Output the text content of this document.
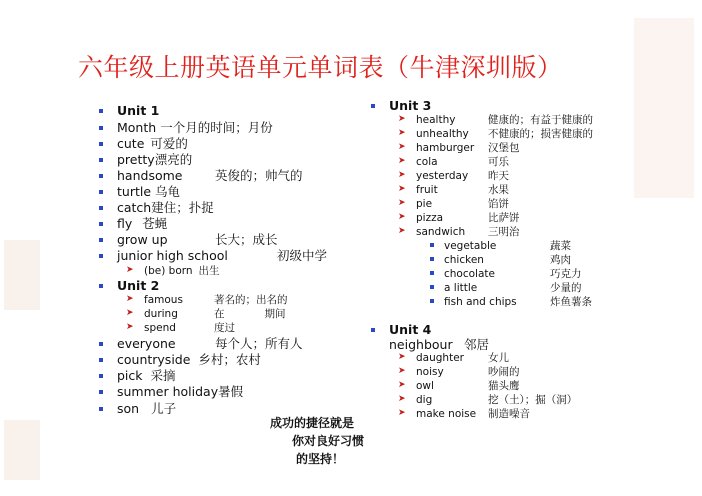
六年级上册英语单元单词表（牛津深圳版）
Unit 1
Month 一个月的时间；月份
cute 可爱的
pretty漂亮的
handsome	英俊的；帅气的
turtle 乌龟
catch建住；扑捉
fly 苍蝇
grow up	长大；成长
junior high school	初级中学
➤ (be) born 出生
Unit 2
➤ famous	著名的；出名的
➤ during	在	期间
➤ spend	度过
everyone	每个人；所有人
countryside 乡村；农村
pick 采摘
summer holiday暑假
son 儿子
Unit 3
➤ healthy	健康的；有益于健康的
➤ unhealthy 不健康的；损害健康的
➤ hamburger 汉堡包
➤ cola	可乐
➤ yesterday 昨天
➤ fruit	水果
➤ pie	馅饼
➤ pizza	比萨饼
➤ sandwich 三明治
vegetable	蔬菜
chicken	鸡肉
chocolate	巧克力
a little	少量的
fish and chips	炸鱼薯条
Unit 4
neighbour 邻居
➤ daughter 女儿
➤ noisy	吵闹的
➤ owl	猫头鹰
➤ dig	挖（土）；掘（洞）
➤ make noise 制造噪音
成功的捷径就是
你对良好习惯
的坚持！
